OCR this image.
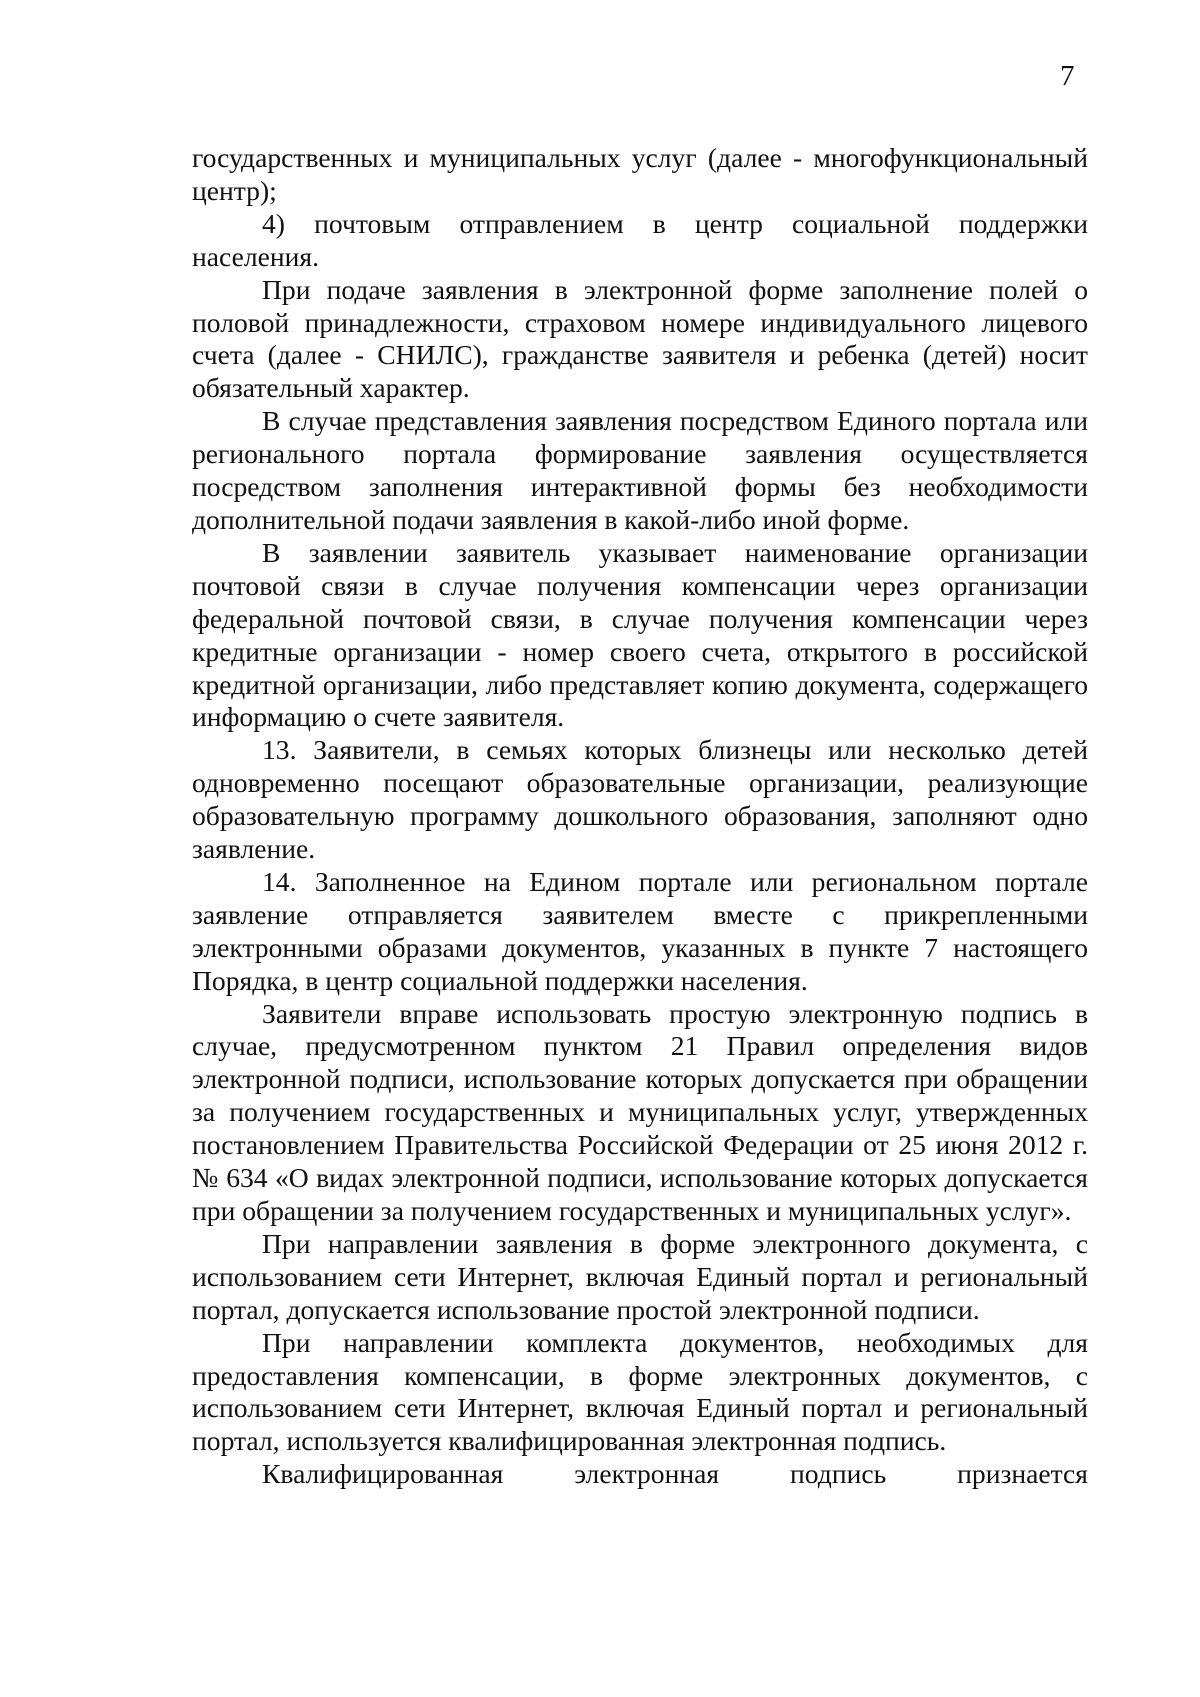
7

государственных и муниципальных услуг (далее - многофункциональный центр);

4) почтовым отправлением в центр социальной поддержки населения.

При подаче заявления в электронной форме заполнение полей о половой принадлежности, страховом номере индивидуального лицевого счета (далее - СНИЛС), гражданстве заявителя и ребенка (детей) носит обязательный характер.

В случае представления заявления посредством Единого портала или регионального портала формирование заявления осуществляется посредством заполнения интерактивной формы без необходимости дополнительной подачи заявления в какой-либо иной форме.

В заявлении заявитель указывает наименование организации почтовой связи в случае получения компенсации через организации федеральной почтовой связи, в случае получения компенсации через кредитные организации - номер своего счета, открытого в российской кредитной организации, либо представляет копию документа, содержащего информацию о счете заявителя.

13. Заявители, в семьях которых близнецы или несколько детей одновременно посещают образовательные организации, реализующие образовательную программу дошкольного образования, заполняют одно заявление.

14. Заполненное на Едином портале или региональном портале заявление отправляется заявителем вместе с прикрепленными электронными образами документов, указанных в пункте 7 настоящего Порядка, в центр социальной поддержки населения.

Заявители вправе использовать простую электронную подпись в случае, предусмотренном пунктом 21 Правил определения видов электронной подписи, использование которых допускается при обращении за получением государственных и муниципальных услуг, утвержденных постановлением Правительства Российской Федерации от 25 июня 2012 г. № 634 «О видах электронной подписи, использование которых допускается при обращении за получением государственных и муниципальных услуг».

При направлении заявления в форме электронного документа, с использованием сети Интернет, включая Единый портал и региональный портал, допускается использование простой электронной подписи.

При направлении комплекта документов, необходимых для предоставления компенсации, в форме электронных документов, с использованием сети Интернет, включая Единый портал и региональный портал, используется квалифицированная электронная подпись.

Квалифицированная электронная подпись признается
